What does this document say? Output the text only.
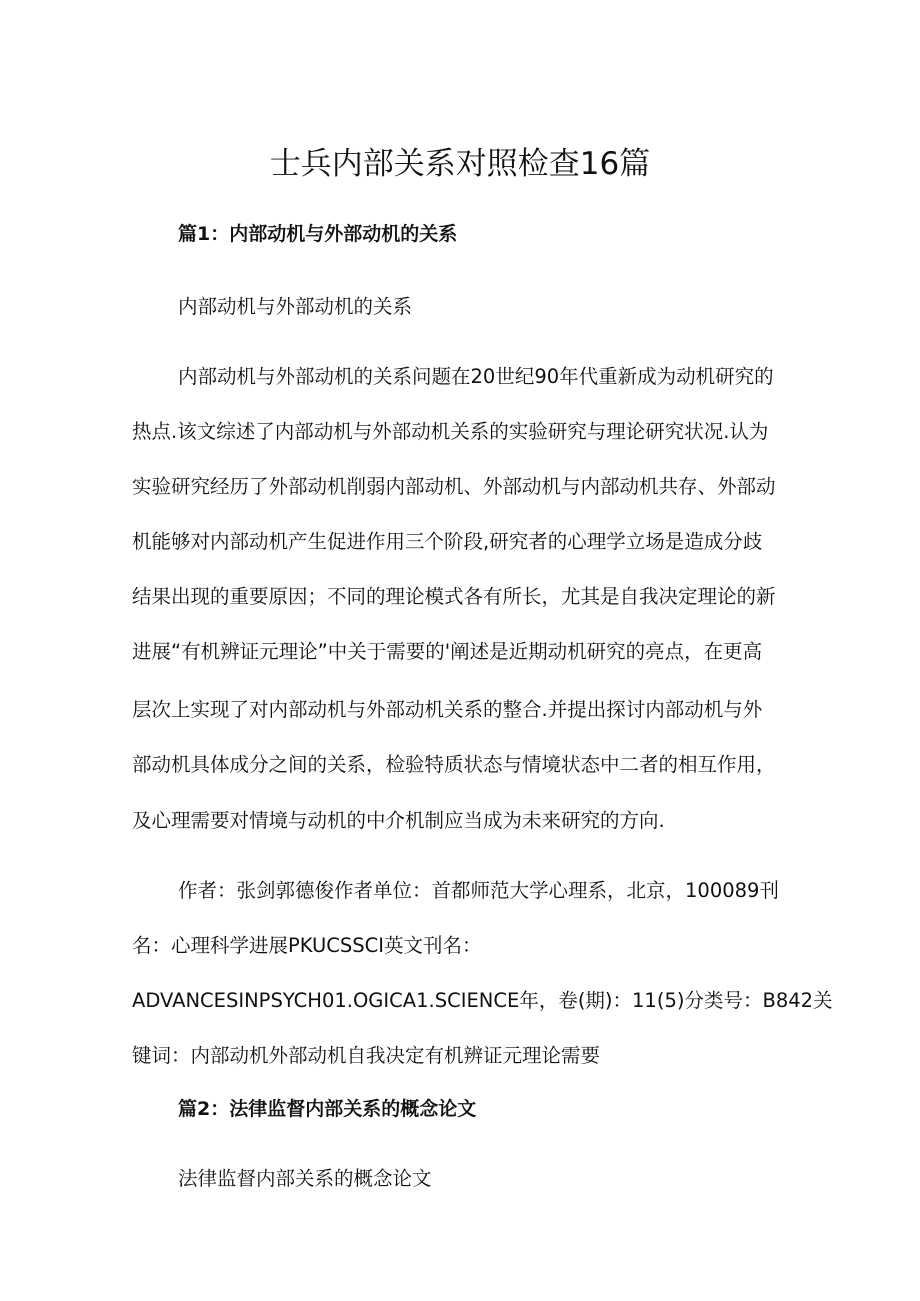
士兵内部关系对照检查16篇
篇1：内部动机与外部动机的关系

内部动机与外部动机的关系

内部动机与外部动机的关系问题在20世纪90年代重新成为动机研究的

热点.该文综述了内部动机与外部动机关系的实验研究与理论研究状况.认为

实验研究经历了外部动机削弱内部动机、外部动机与内部动机共存、外部动

机能够对内部动机产生促进作用三个阶段,研究者的心理学立场是造成分歧

结果出现的重要原因；不同的理论模式各有所长，尤其是自我决定理论的新

进展“有机辨证元理论”中关于需要的'阐述是近期动机研究的亮点，在更高

层次上实现了对内部动机与外部动机关系的整合.并提出探讨内部动机与外

部动机具体成分之间的关系，检验特质状态与情境状态中二者的相互作用，

及心理需要对情境与动机的中介机制应当成为未来研究的方向.

作者：张剑郭德俊作者单位：首都师范大学心理系，北京，100089刊

名：心理科学进展PKUCSSCI英文刊名：

ADVANCESINPSYCH01.OGICA1.SCIENCE年，卷(期)：11(5)分类号：B842关

键词：内部动机外部动机自我决定有机辨证元理论需要

篇2：法律监督内部关系的概念论文

法律监督内部关系的概念论文
